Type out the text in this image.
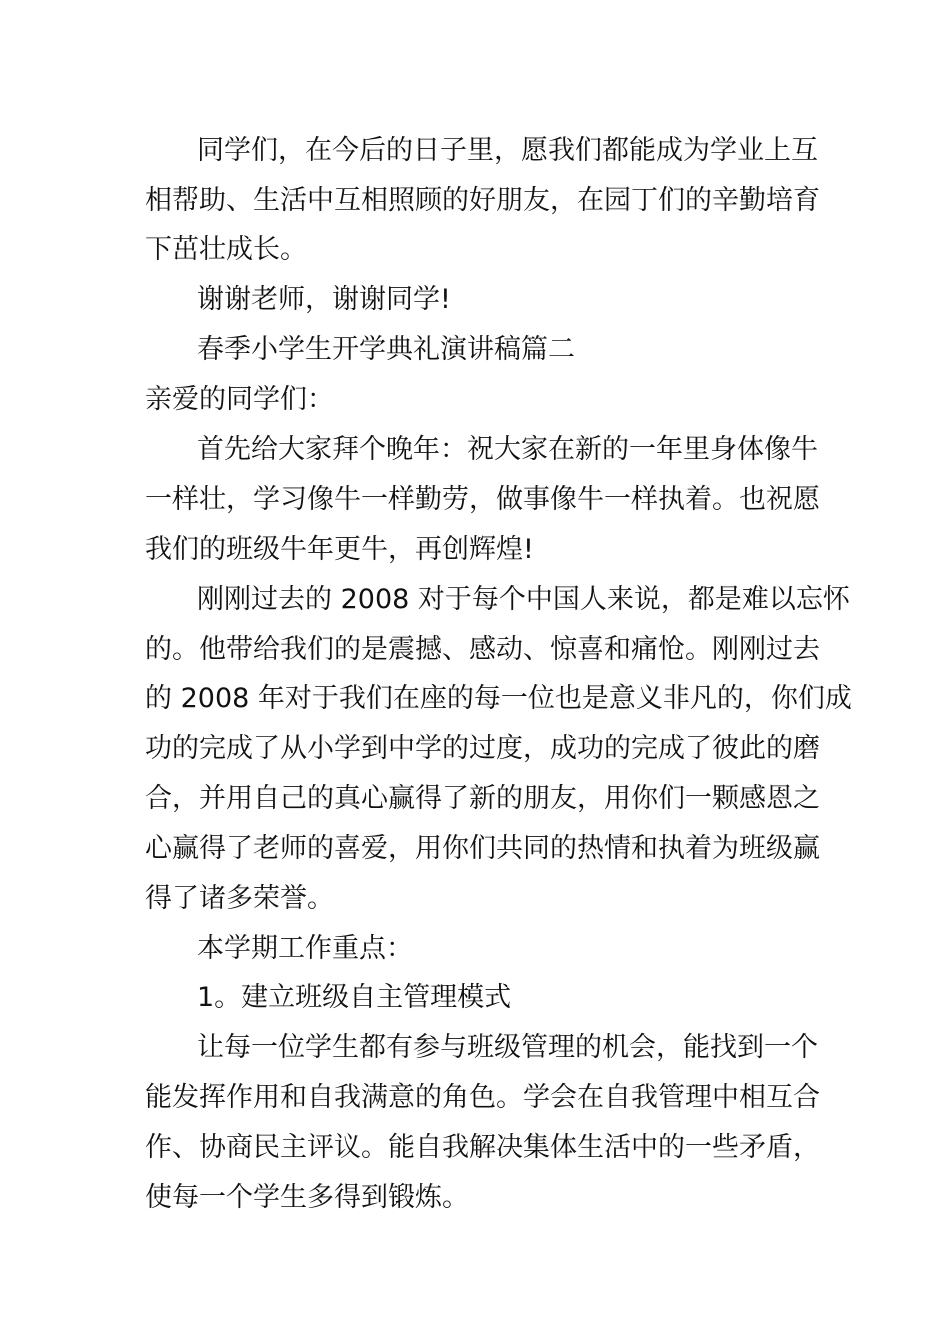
同学们，在今后的日子里，愿我们都能成为学业上互
相帮助、生活中互相照顾的好朋友，在园丁们的辛勤培育
下茁壮成长。
谢谢老师，谢谢同学!
春季小学生开学典礼演讲稿篇二
亲爱的同学们：
首先给大家拜个晚年：祝大家在新的一年里身体像牛
一样壮，学习像牛一样勤劳，做事像牛一样执着。也祝愿
我们的班级牛年更牛，再创辉煌!
刚刚过去的 2008 对于每个中国人来说，都是难以忘怀
的。他带给我们的是震撼、感动、惊喜和痛怆。刚刚过去
的 2008 年对于我们在座的每一位也是意义非凡的，你们成
功的完成了从小学到中学的过度，成功的完成了彼此的磨
合，并用自己的真心赢得了新的朋友，用你们一颗感恩之
心赢得了老师的喜爱，用你们共同的热情和执着为班级赢
得了诸多荣誉。
本学期工作重点：
1。建立班级自主管理模式
让每一位学生都有参与班级管理的机会，能找到一个
能发挥作用和自我满意的角色。学会在自我管理中相互合
作、协商民主评议。能自我解决集体生活中的一些矛盾，
使每一个学生多得到锻炼。
